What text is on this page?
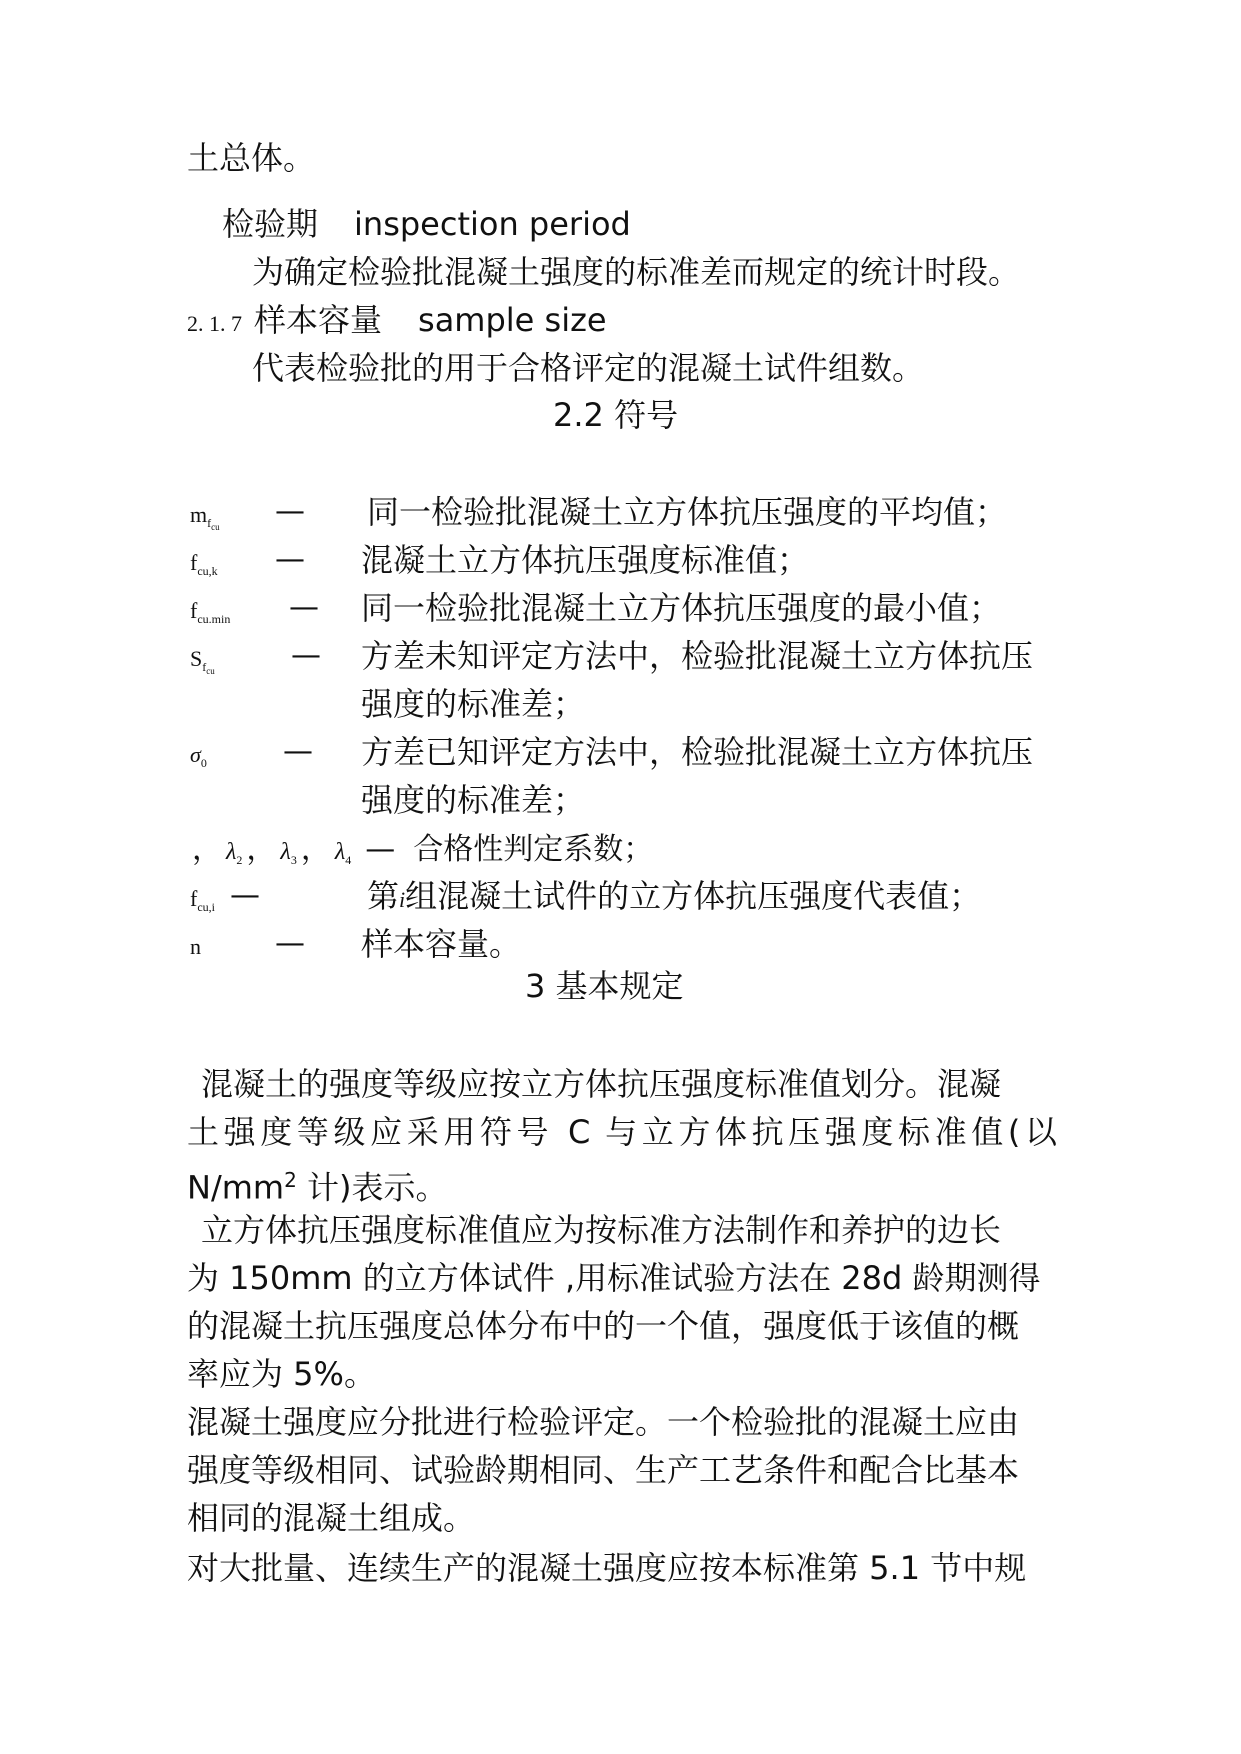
土总体。
检验期 inspection period
为确定检验批混凝土强度的标准差而规定的统计时段。
2. 1. 7 样本容量 sample size
代表检验批的用于合格评定的混凝土试件组数。
2.2 符号
$m_{f_{cu}}$ — 同一检验批混凝土立方体抗压强度的平均值；
$f_{cu,k}$ — 混凝土立方体抗压强度标准值；
$f_{cu.min}$ — 同一检验批混凝土立方体抗压强度的最小值；
$S_{f_{cu}}$	— 方差未知评定方法中，检验批混凝土立方体抗压
强度的标准差；
$\sigma_0$	— 方差已知评定方法中，检验批混凝土立方体抗压
强度的标准差；
， $\lambda_2$ ， $\lambda_3$ ， $\lambda_4$ — 合格性判定系数；
$f_{cu,i}$ —	第i组混凝土试件的立方体抗压强度代表值；
n — 样本容量。
3 基本规定
混凝土的强度等级应按立方体抗压强度标准值划分。混凝
土强度等级应采用符号 C 与立方体抗压强度标准值(以
$N/mm^2$ 计)表示。
立方体抗压强度标准值应为按标准方法制作和养护的边长
为 150mm 的立方体试件 ,用标准试验方法在 28d 龄期测得
的混凝土抗压强度总体分布中的一个值，强度低于该值的概
率应为 5%。
混凝土强度应分批进行检验评定。一个检验批的混凝土应由
强度等级相同、试验龄期相同、生产工艺条件和配合比基本
相同的混凝土组成。
对大批量、连续生产的混凝土强度应按本标准第 5.1 节中规
